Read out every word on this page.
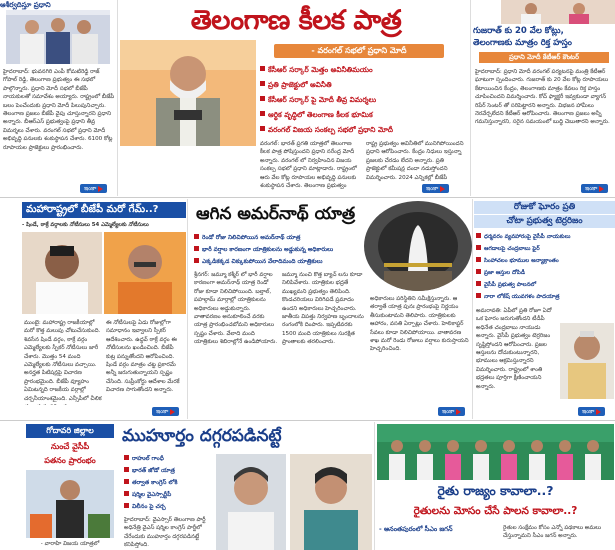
ఆశీర్వదిస్తూ ప్రధాని
హైదరాబాద్: భువనగిరి ఎంపీ కోమటిరెడ్డి రాజ్ గోపాల్ రెడ్డి, తెలంగాణ ప్రభుత్వం ఈ సభలో పాల్గొన్నారు. ప్రధాని మోదీ సభలో బీజేపీ నాయకులతో సమావేశం అయ్యారు. రాష్ట్రంలో బీజేపీ బలం పెంచేందుకు ప్రధాని మోదీ పిలుపునిచ్చారు. తెలంగాణ ప్రజలు బీజేపీ వైపు చూస్తున్నారని ప్రధాని అన్నారు. బీఆర్ఎస్ ప్రభుత్వంపై ప్రధాని తీవ్ర విమర్శలు చేశారు. వరంగల్ సభలో ప్రధాని మోదీ అభివృద్ధి పనులకు శంకుస్థాపన చేశారు. 6100 కోట్ల రూపాయల ప్రాజెక్టులు ప్రారంభించారు.
ఇంకా
తెలంగాణ కీలక పాత్ర
- వరంగల్ సభలో ప్రధాని మోదీ
కేసీఆర్ సర్కార్ మెత్తం అవినీతిమయం
ప్రతి ప్రాజెక్టులో అవినీతి
కేసీఆర్ సర్కార్ పై మోదీ తీవ్ర విమర్శలు
ఆర్థిక వృద్ధిలో తెలంగాణ కీలక భూమిక
వరంగల్ విజయ సంకల్ప సభలో ప్రధాని మోదీ
వరంగల్: భారత్ ప్రగతి యాత్రలో తెలంగాణ కీలక పాత్ర పోషిస్తుందని ప్రధాని నరేంద్ర మోదీ అన్నారు. వరంగల్ లో నిర్వహించిన విజయ సంకల్ప సభలో ప్రధాని మాట్లాడారు. రాష్ట్రంలో ఆరు వేల కోట్ల రూపాయల అభివృద్ధి పనులకు శంకుస్థాపన చేశారు. తెలంగాణ ప్రభుత్వం
రాష్ట్ర ప్రభుత్వం అవినీతిలో మునిగిపోయిందని ప్రధాని ఆరోపించారు. కేంద్రం నిధులు ఇస్తున్నా ప్రజలకు చేరడం లేదని అన్నారు. ప్రతి ప్రాజెక్టులో కమీషన్ల దందా నడుస్తోందని విమర్శించారు. 2024 ఎన్నికల్లో బీజేపీ
ఇంకా
గుజరాత్ కు 20 వేల కోట్లు,
తెలంగాణకు మాత్రం రిక్త హస్తం
ప్రధాని మోదీ కేటీఆర్ కౌంటర్
హైదరాబాద్: ప్రధాని మోదీ వరంగల్ పర్యటనపై మంత్రి కేటీఆర్ ఘాటుగా స్పందించారు. గుజరాత్ కు 20 వేల కోట్ల రూపాయలు కేటాయించిన కేంద్రం, తెలంగాణకు మాత్రం కేవలం రిక్త హస్తం చూపించిందని విమర్శించారు. కోచ్ ఫ్యాక్టరీ ఇవ్వకుండా వ్యాగన్ రిపేర్ సెంటర్ తో సరిపెట్టారని అన్నారు. విభజన హామీలు నెరవేర్చలేదని కేటీఆర్ ఆరోపించారు. తెలంగాణ ప్రజలు అన్నీ గమనిస్తున్నారని, సరైన సమయంలో బుద్ధి చెబుతారని అన్నారు.
ఇంకా
మహారాష్ట్రలో బీజేపీ మరో గేమ్..?
- షిండే, ఠాక్రే వర్గాలకు నోటీసులు 54 ఎమ్మెల్యేలకు నోటీసులు
ముంబై: మహారాష్ట్ర రాజకీయాల్లో మరో కొత్త మలుపు చోటుచేసుకుంది. శివసేన షిండే వర్గం, ఠాక్రే వర్గం ఎమ్మెల్యేలకు స్పీకర్ నోటీసులు జారీ చేశారు. మొత్తం 54 మంది ఎమ్మెల్యేలకు నోటీసులు వచ్చాయి. అనర్హత పిటిషన్లపై విచారణ ప్రారంభమైంది. బీజేపీ వ్యూహం ఏమిటన్నది రాజకీయ వర్గాల్లో చర్చనీయాంశమైంది. ఎన్సీపీలో చీలిక
ఈ నోటీసులపై ఏడు రోజుల్లోగా సమాధానం ఇవ్వాలని స్పీకర్ ఆదేశించారు. ఉద్ధవ్ ఠాక్రే వర్గం ఈ నోటీసులను ఖండించింది. బీజేపీ కుట్ర పన్నుతోందని ఆరోపించింది. షిండే వర్గం మాత్రం చట్ట ప్రకారమే అన్నీ జరుగుతున్నాయని స్పష్టం చేసింది. సుప్రీంకోర్టు ఆదేశాల మేరకే విచారణ సాగుతోందని అన్నారు.
ఇంకా
ఆగిన అమర్‌నాథ్ యాత్ర
రెండో రోజు నిలిచిపోయిన అమర్‌నాథ్ యాత్ర
భారీ వర్షాల కారణంగా యాత్రికులను అడ్డుకున్న అధికారులు
ఎక్కడికక్కడ చిక్కుకుపోయిన వేలాదిమంది యాత్రికులు
శ్రీనగర్: జమ్మూ కశ్మీర్ లో భారీ వర్షాల కారణంగా అమర్‌నాథ్ యాత్ర రెండో రోజు కూడా నిలిచిపోయింది. బల్తాల్, పహల్గామ్ మార్గాల్లో యాత్రికులను అధికారులు అడ్డుకున్నారు. వాతావరణం అనుకూలించే వరకు యాత్ర ప్రారంభించబోమని అధికారులు స్పష్టం చేశారు. వేలాది మంది యాత్రికులు శిబిరాల్లోనే ఉండిపోయారు.
జమ్మూ నుంచి కొత్త బ్యాచ్ లను కూడా నిలిపివేశారు. యాత్రికుల భద్రతే ముఖ్యమని ప్రభుత్వం తెలిపింది. కొండచరియలు విరిగిపడే ప్రమాదం ఉందని అధికారులు హెచ్చరించారు. జాతీయ విపత్తు నిర్వహణ బృందాలను రంగంలోకి దింపారు. ఇప్పటివరకు 1500 మంది యాత్రికులు సురక్షిత ప్రాంతాలకు తరలించారు.
అధికారులు పరిస్థితిని సమీక్షిస్తున్నారు. ఆ తర్వాతే యాత్ర పునః ప్రారంభంపై నిర్ణయం తీసుకుంటామని తెలిపారు. యాత్రికులకు ఆహారం, వసతి ఏర్పాట్లు చేశారు. హెలికాప్టర్ సేవలు కూడా నిలిచిపోయాయి. వాతావరణ శాఖ మరో రెండు రోజులు వర్షాలు కురుస్తాయని హెచ్చరించింది.
ఇంకా
రోజుకో ఘోరం ప్రతి
చోటా ప్రభుత్వ టెర్రరిజం
ధర్మవరం వ్యవహారంపై వైసీపీ నాయకులు
ఆగడాలపై చంద్రబాబు ఫైర్
సింహాచలం భూముల అన్యాక్రాంతం
ప్రజా ఆస్తుల దోపిడీ
వైసీపీ ప్రభుత్వ పాలనలో
నారా లోకేష్ యువగళం పాదయాత్ర
అమరావతి: ఏపీలో ప్రతి రోజూ ఏదో ఒక ఘోరం జరుగుతోందని టీడీపీ అధినేత చంద్రబాబు నాయుడు అన్నారు. వైసీపీ ప్రభుత్వం టెర్రరిజం సృష్టిస్తోందని ఆరోపించారు. ప్రజల ఆస్తులను దోచుకుంటున్నారని, భూములు ఆక్రమిస్తున్నారని విమర్శించారు. రాష్ట్రంలో శాంతి భద్రతలు పూర్తిగా క్షీణించాయని అన్నారు.
ఇంకా
గోదావరి జిల్లాల
నుంచే వైసీపీ
పతనం ప్రారంభం
- వారాహి విజయ యాత్రలో
ముహూర్తం దగ్గరపడినట్టే
రాహుల్ గాంధీ
భారత్ జోడో యాత్ర
తర్వాత కాంగ్రెస్ లోకి
షర్మిల వైఎస్సార్టీపీ
విలీనం పై చర్చ
హైదరాబాద్: వైఎస్సార్ తెలంగాణ పార్టీ అధినేత్రి వైఎస్ షర్మిల కాంగ్రెస్ పార్టీలో చేరేందుకు ముహూర్తం దగ్గరపడినట్టే కనిపిస్తోంది.
రైతు రాజ్యం కావాలా..?
రైతులను మోసం చేసే పాలన కావాలా..?
- అనంతపురంలో సీఎం జగన్	రైతుల సంక్షేమం కోసం ఎన్నో పథకాలు అమలు చేస్తున్నామని సీఎం జగన్ అన్నారు.
